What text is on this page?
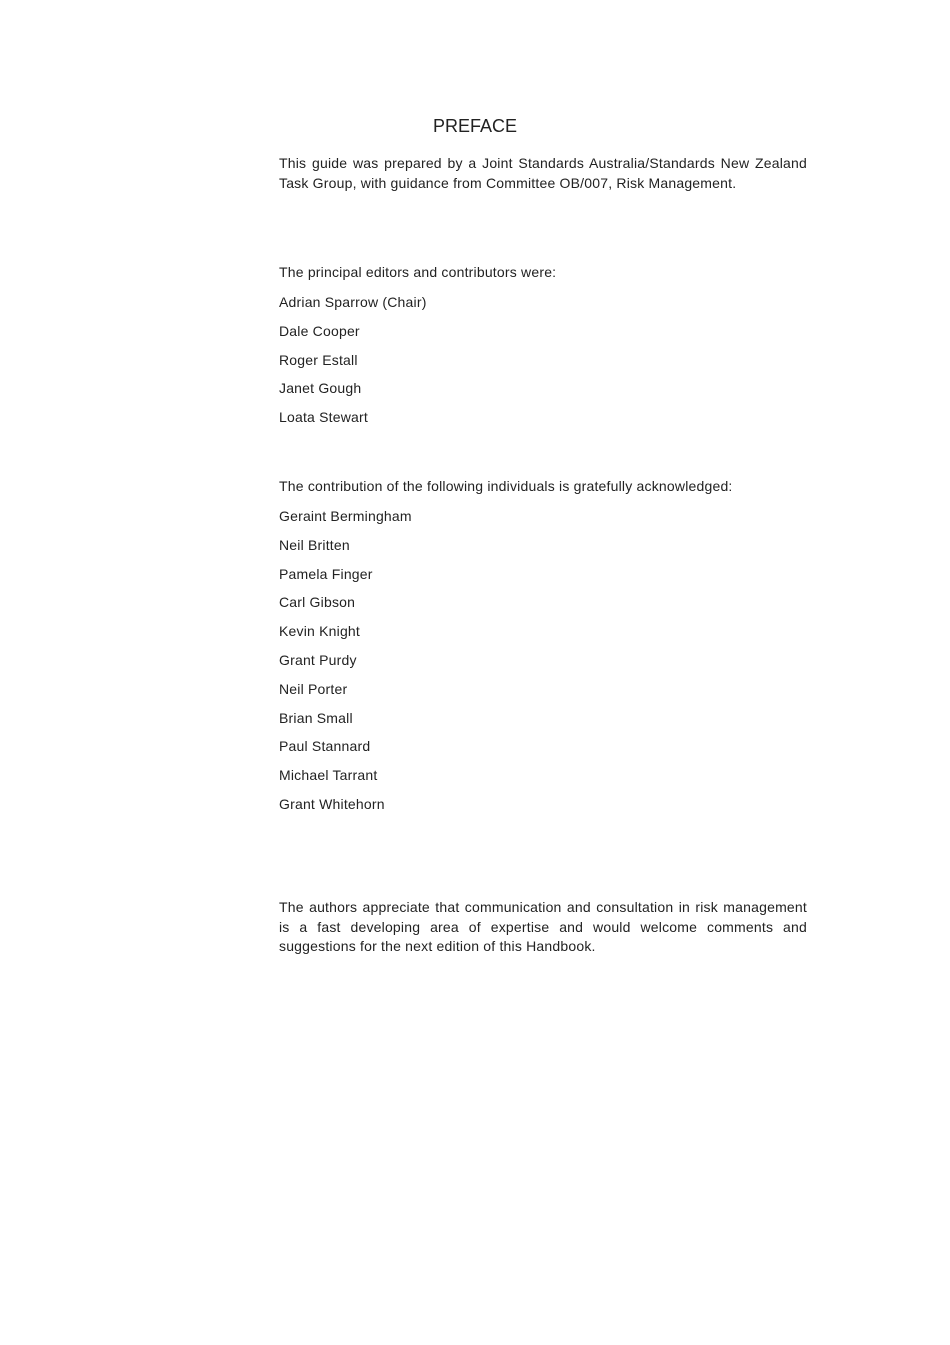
PREFACE

This guide was prepared by a Joint Standards Australia/Standards New Zealand Task Group, with guidance from Committee OB/007, Risk Management.

The principal editors and contributors were:

Adrian Sparrow (Chair)
Dale Cooper
Roger Estall
Janet Gough
Loata Stewart

The contribution of the following individuals is gratefully acknowledged:

Geraint Bermingham
Neil Britten
Pamela Finger
Carl Gibson
Kevin Knight
Grant Purdy
Neil Porter
Brian Small
Paul Stannard
Michael Tarrant
Grant Whitehorn

The authors appreciate that communication and consultation in risk management is a fast developing area of expertise and would welcome comments and suggestions for the next edition of this Handbook.
